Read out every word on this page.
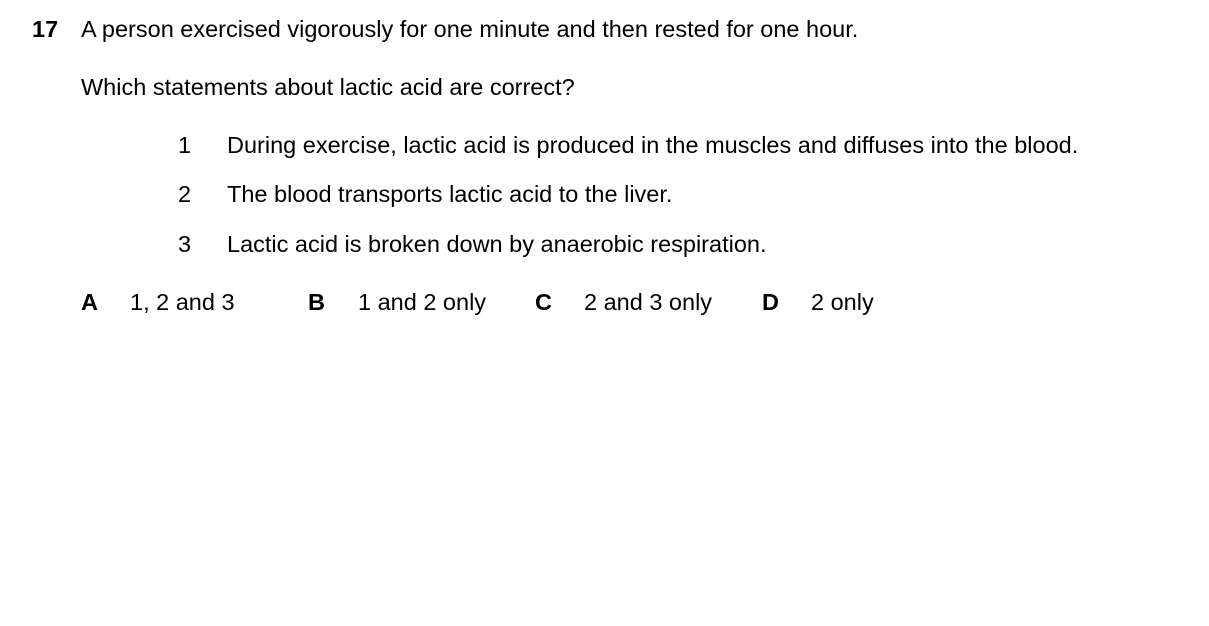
17 A person exercised vigorously for one minute and then rested for one hour.
Which statements about lactic acid are correct?
1 During exercise, lactic acid is produced in the muscles and diffuses into the blood.
2 The blood transports lactic acid to the liver.
3 Lactic acid is broken down by anaerobic respiration.
A 1, 2 and 3	B 1 and 2 only C 2 and 3 only D 2 only
